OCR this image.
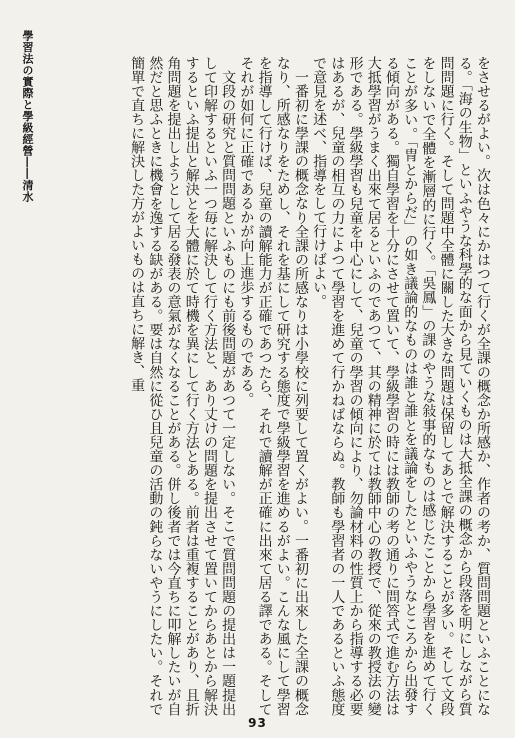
學習法の實際と學級經營――清水	をさせるがよい。次は色々にかはつて行くが全課の概念か所感か、作者の考か、質問問題といふことになる。「海の生物」といふやうな科學的な面から見ていくものは大抵全課の概念から段落を明にしながら質問問題に行く。そして問題中全體に關した大きな問題は保留してあとで解決することが多い。そして文段をしないで全體を漸層的に行く。「吳鳳」の課のやうな敍事的なものは感じたことから學習を進めて行くことが多い。「冑とからだ」の如き議論的なものは誰と誰とを議論をしたといふやうなところから出發する傾向がある。獨自學習を十分にさせて置いて、學級學習の時には教師の考の通りに問答式で進む方法は大抵學習がうまく出來て居るといふのであつて、其の精神に於ては教師中心の教授で、從來の教授法の變形である。學級學習も兒童を中心にして、兒童の學習の傾向により、勿論材料の性質上から指導する必要はあるが、兒童の相互の力によつて學習を進めて行かねばならぬ。教師も學習者の一人であるといふ態度で意見を述べ、指導をして行けばよい。

一番初に學課の概念なり全課の所感なりは小學校に列要して置くがよい。一番初に出來した全課の概念なり、所感なりをためし、それを基にして研究する態度で學級學習を進めるがよい。こんな風にして學習を指導して行けば、兒童の讀解能力が正確であつたら、それで讀解が正確に出來て居る譯である。そしてそれが如何に正確であるかが向上進歩するものである。

文段の研究と質問問題といふものにも前後問題があつて一定しない。そこで質問問題の提出は一題提出して印解するといふ一つ毎に解決して行く方法と、あり丈けの問題を提出させて置いてからあとから解決するといふ提出と解決とを大體に於て時機を異にして行く方法とある。前者は重複することがあり、且折角問題を提出しようとして居る發表の意氣がなくなることがある。併し後者では今直ちに叩解したいが自然だと思ふときに機會を逸する缺がある。要は自然に從ひ且兒童の活動の鈍らないやうにしたい。それで簡單で直ちに解決した方がよいものは直ちに解き、重

93
